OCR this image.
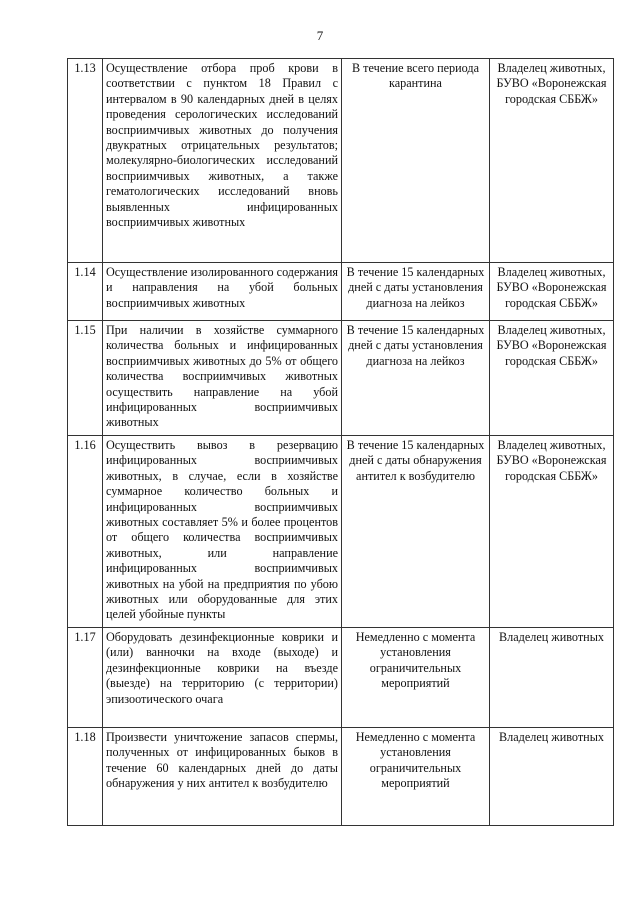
7
1.13	Осуществление отбора проб крови в соответствии с пунктом 18 Правил с интервалом в 90 календарных дней в целях проведения серологических исследований восприимчивых животных до получения двукратных отрицательных результатов; молекулярно-биологических исследований восприимчивых животных, а также гематологических исследований вновь выявленных инфицированных восприимчивых животных	В течение всего периода карантина	Владелец животных, БУВО «Воронежская городская СББЖ»
1.14	Осуществление изолированного содержания и направления на убой больных восприимчивых животных	В течение 15 календарных дней с даты установления диагноза на лейкоз	Владелец животных, БУВО «Воронежская городская СББЖ»
1.15	При наличии в хозяйстве суммарного количества больных и инфицированных восприимчивых животных до 5% от общего количества восприимчивых животных осуществить направление на убой инфицированных восприимчивых животных	В течение 15 календарных дней с даты установления диагноза на лейкоз	Владелец животных, БУВО «Воронежская городская СББЖ»
1.16	Осуществить вывоз в резервацию инфицированных восприимчивых животных, в случае, если в хозяйстве суммарное количество больных и инфицированных восприимчивых животных составляет 5% и более процентов от общего количества восприимчивых животных, или направление инфицированных восприимчивых животных на убой на предприятия по убою животных или оборудованные для этих целей убойные пункты	В течение 15 календарных дней с даты обнаружения антител к возбудителю	Владелец животных, БУВО «Воронежская городская СББЖ»
1.17	Оборудовать дезинфекционные коврики и (или) ванночки на входе (выходе) и дезинфекционные коврики на въезде (выезде) на территорию (с территории) эпизоотического очага	Немедленно с момента установления ограничительных мероприятий	Владелец животных
1.18	Произвести уничтожение запасов спермы, полученных от инфицированных быков в течение 60 календарных дней до даты обнаружения у них антител к возбудителю	Немедленно с момента установления ограничительных мероприятий	Владелец животных
